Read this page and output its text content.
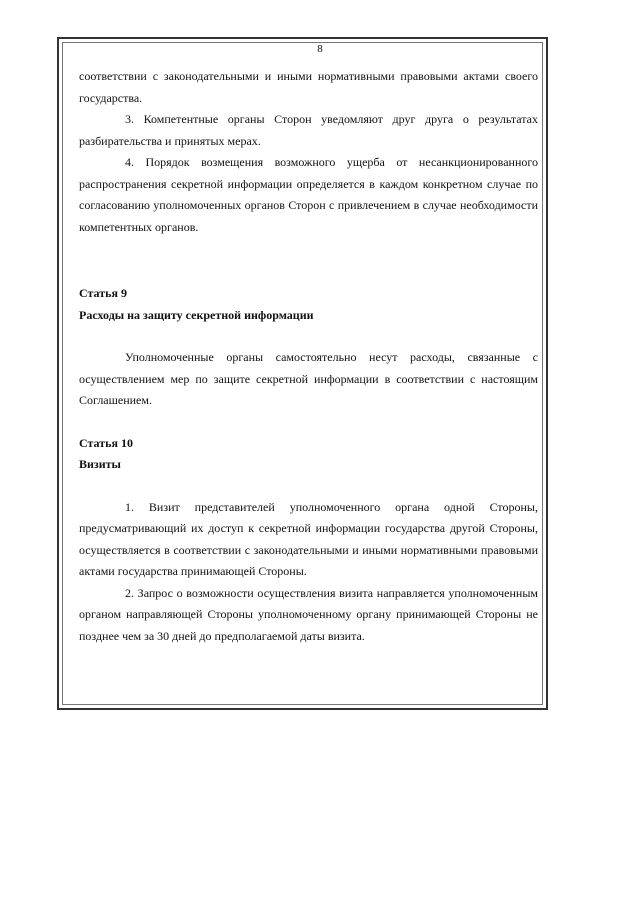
8

соответствии с законодательными и иными нормативными правовыми актами своего государства.

3. Компетентные органы Сторон уведомляют друг друга о результатах разбирательства и принятых мерах.

4. Порядок возмещения возможного ущерба от несанкционированного распространения секретной информации определяется в каждом конкретном случае по согласованию уполномоченных органов Сторон с привлечением в случае необходимости компетентных органов.

Статья 9

Расходы на защиту секретной информации

Уполномоченные органы самостоятельно несут расходы, связанные с осуществлением мер по защите секретной информации в соответствии с настоящим Соглашением.

Статья 10

Визиты

1. Визит представителей уполномоченного органа одной Стороны, предусматривающий их доступ к секретной информации государства другой Стороны, осуществляется в соответствии с законодательными и иными нормативными правовыми актами государства принимающей Стороны.

2. Запрос о возможности осуществления визита направляется уполномоченным органом направляющей Стороны уполномоченному органу принимающей Стороны не позднее чем за 30 дней до предполагаемой даты визита.
